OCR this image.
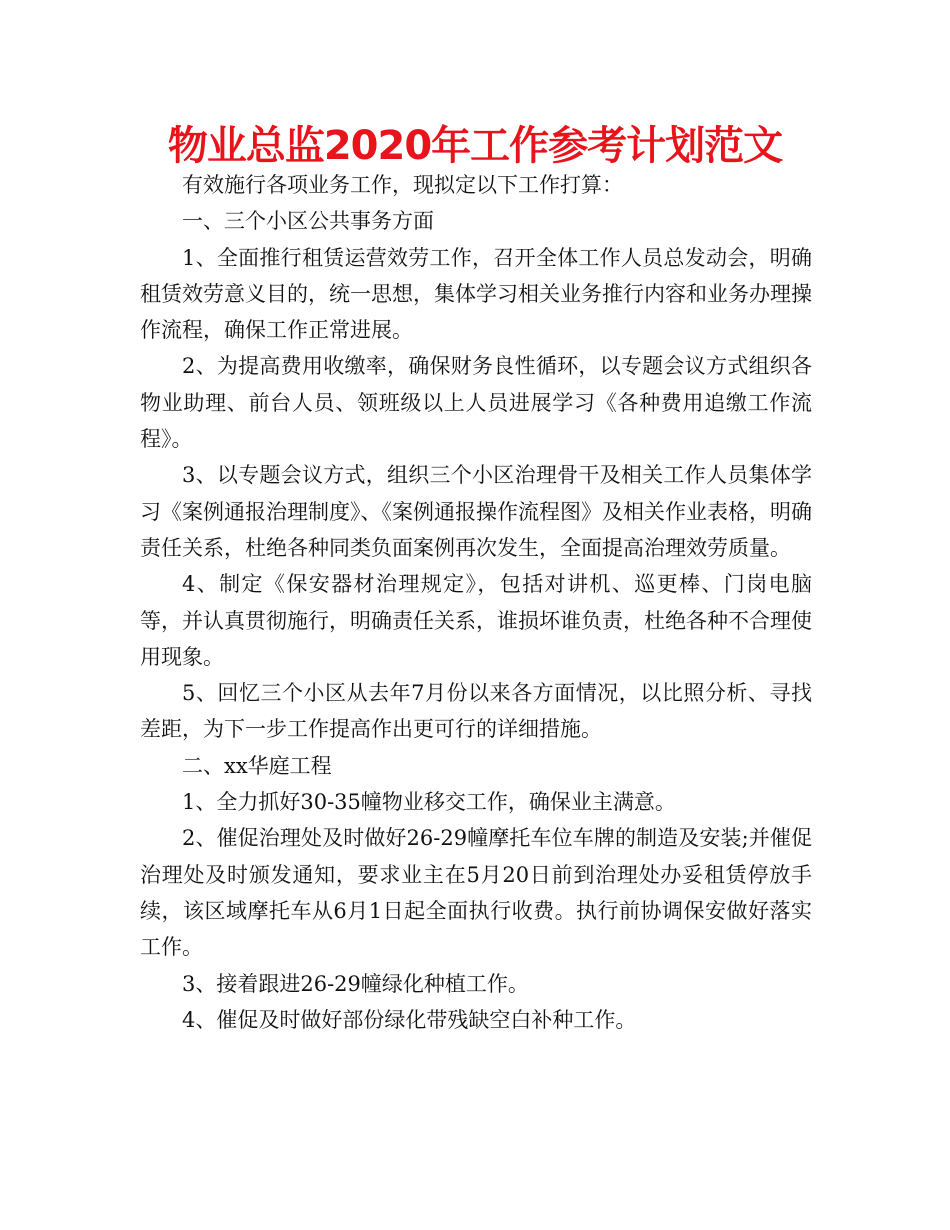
物业总监2020年工作参考计划范文

有效施行各项业务工作，现拟定以下工作打算：

一、三个小区公共事务方面

1、全面推行租赁运营效劳工作，召开全体工作人员总发动会，明确租赁效劳意义目的，统一思想，集体学习相关业务推行内容和业务办理操作流程，确保工作正常进展。

2、为提高费用收缴率，确保财务良性循环，以专题会议方式组织各物业助理、前台人员、领班级以上人员进展学习《各种费用追缴工作流程》。

3、以专题会议方式，组织三个小区治理骨干及相关工作人员集体学习《案例通报治理制度》、《案例通报操作流程图》及相关作业表格，明确责任关系，杜绝各种同类负面案例再次发生，全面提高治理效劳质量。

4、制定《保安器材治理规定》，包括对讲机、巡更棒、门岗电脑等，并认真贯彻施行，明确责任关系，谁损坏谁负责，杜绝各种不合理使用现象。

5、回忆三个小区从去年7月份以来各方面情况，以比照分析、寻找差距，为下一步工作提高作出更可行的详细措施。

二、xx华庭工程

1、全力抓好30-35幢物业移交工作，确保业主满意。

2、催促治理处及时做好26-29幢摩托车位车牌的制造及安装;并催促治理处及时颁发通知，要求业主在5月20日前到治理处办妥租赁停放手续，该区域摩托车从6月1日起全面执行收费。执行前协调保安做好落实工作。

3、接着跟进26-29幢绿化种植工作。

4、催促及时做好部份绿化带残缺空白补种工作。
